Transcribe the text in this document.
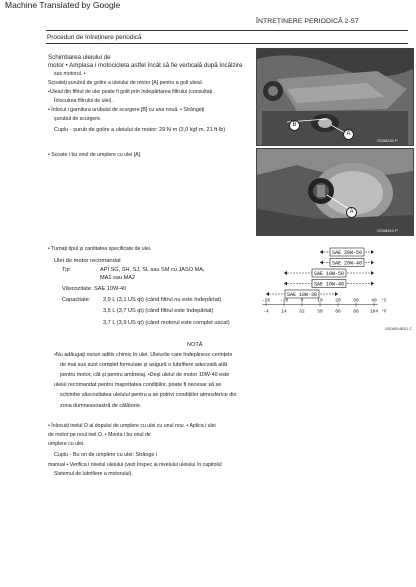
Machine Translated by Google
ÎNTREȚINERE PERIODICĂ 2-57
Proceduri de întreținere periodică
Schimbarea uleiului de
motor • Amplasa i motocicleta astfel încât să fie verticală după încălzire
sus motorul. •
Scoateți șurubul de golire a uleiului de motor [A] pentru a goli uleiul.
•Uleiul din filtrul de ulei poate fi golit prin îndepărtarea filtrului (consultați
Înlocuirea filtrului de ulei).
• Înlocui i garnitura urubului de scurgere [B] cu una nouă. • Strângeți
șurubul de scurgere.
Cuplu - șurub de golire a uleiului de motor: 29 N·m (3,0 kgf·m, 21 ft·lb)
A
B
GS08242 P
• Scoate i bu onul de umplere cu ulei [A].
A
GS08510 P
• Turnați tipul și cantitatea specificate de ulei.
Ulei de motor recomandat
Tip:	API SG, SH, SJ, SL sau SM cu JASO MA,
MA1 sau MA2
Vâscozitate: SAE 10W-40
Capacitate: 2,9 L (3,1 US qt) (când filtrul nu este îndepărtat)
3,5 L (3,7 US qt) (când filtrul este îndepărtat)
3,7 L (3,9 US qt) (când motorul este complet uscat)
SAE 20W-50
SAE 20W-40
SAE 10W-50
SAE 10W-40
SAE 10W-30
-20 -10	0	10	20	30	40 °C
-4	14	32	50	68	86 104 °F
GS06014BS1 C
NOTĂ
•Nu adăugați niciun aditiv chimic în ulei. Uleiurile care îndeplinesc cerințele
de mai sus sunt complet formulate și asigură o lubrifiere adecvată atât
pentru motor, cât și pentru ambreiaj. •Deși uleiul de motor 10W-40 este
uleiul recomandat pentru majoritatea condițiilor, poate fi necesar să se
schimbe vâscozitatea uleiului pentru a se potrivi condițiilor atmosferice din
zona dumneavoastră de călătorie.
• Înlocuiți inelul O al dopului de umplere cu ulei cu unul nou. • Aplica i ulei
de motor pe noul inel O. • Monta i bu onul de
umplere cu ulei.
Cuplu - Bu on de umplere cu ulei: Strânge i
manual • Verifica i nivelul uleiului (vezi Inspec ia nivelului uleiului în capitolul
Sistemul de lubrifiere a motorului).
